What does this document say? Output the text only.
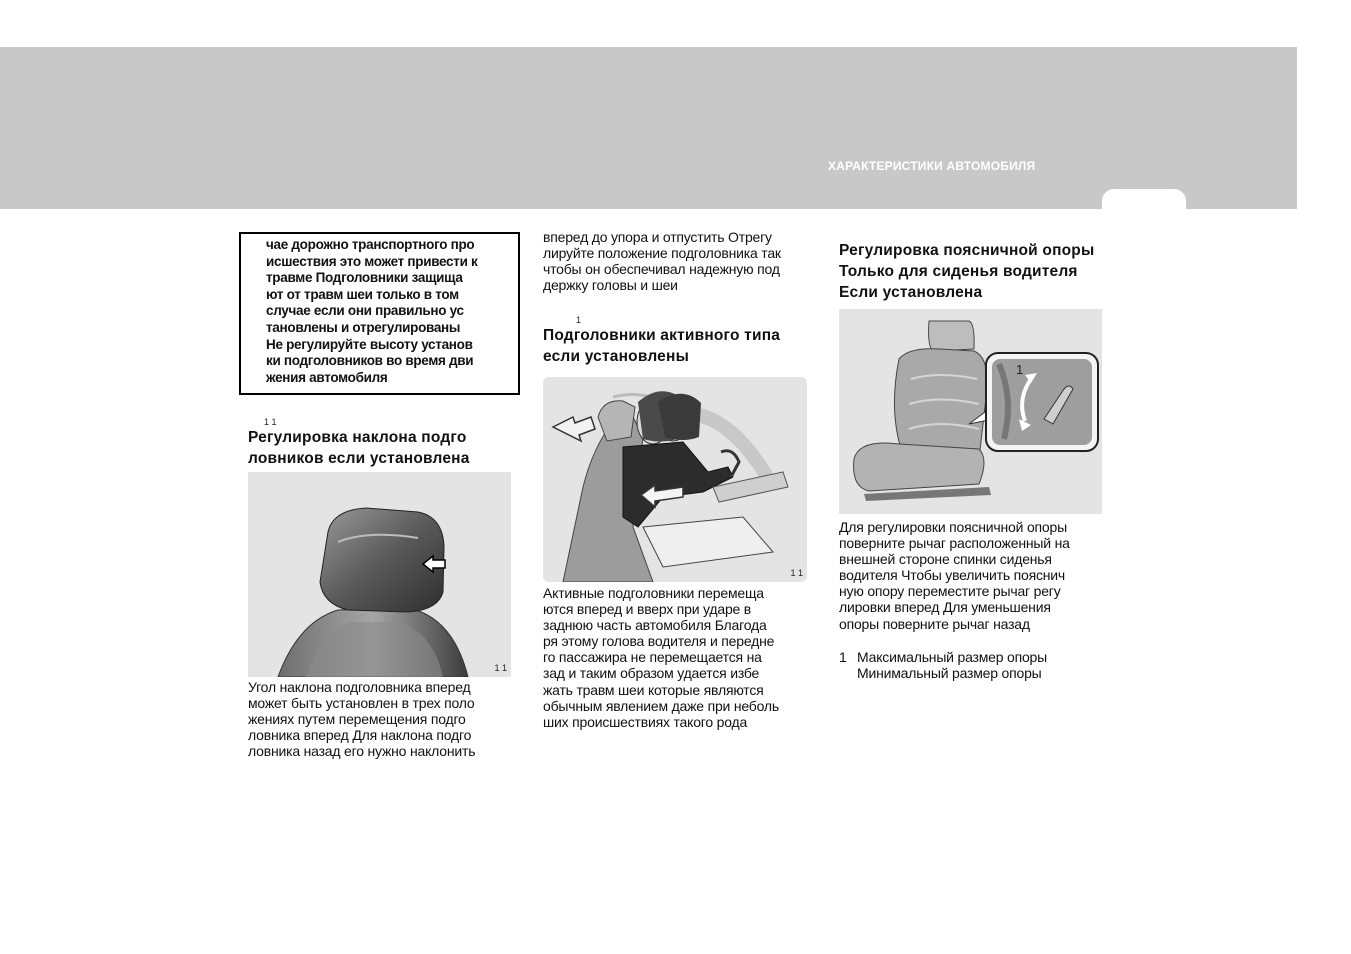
ХАРАКТЕРИСТИКИ АВТОМОБИЛЯ
чае дорожно транспортного про
исшествия это может привести к
травме Подголовники защища
ют от травм шеи только в том
случае если они правильно ус
тановлены и отрегулированы
Не регулируйте высоту установ
ки подголовников во время дви
жения автомобиля
1 1
Регулировка наклона подго
ловников если установлена
1 1
Угол наклона подголовника вперед
может быть установлен в трех поло
жениях путем перемещения подго
ловника вперед Для наклона подго
ловника назад его нужно наклонить
вперед до упора и отпустить Отрегу
лируйте положение подголовника так
чтобы он обеспечивал надежную под
держку головы и шеи
1
Подголовники активного типа
если установлены
1 1
Активные подголовники перемеща
ются вперед и вверх при ударе в
заднюю часть автомобиля Благода
ря этому голова водителя и передне
го пассажира не перемещается на
зад и таким образом удается избе
жать травм шеи которые являются
обычным явлением даже при неболь
ших происшествиях такого рода
Регулировка поясничной опоры
Только для сиденья водителя
Если установлена
1
Для регулировки поясничной опоры
поверните рычаг расположенный на
внешней стороне спинки сиденья
водителя Чтобы увеличить пояснич
ную опору переместите рычаг регу
лировки вперед Для уменьшения
опоры поверните рычаг назад
1 Максимальный размер опоры
Минимальный размер опоры
